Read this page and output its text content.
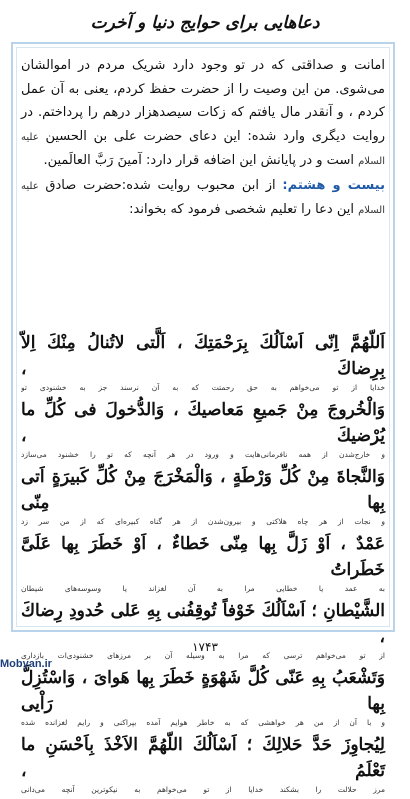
دعاهایی برای حوایج دنیا و آخرت

امانت و صداقتی که در تو وجود دارد شریک مردم در اموالشان می‌شوی. من این وصیت را از حضرت حفظ کردم، یعنی به آن عمل کردم ، و آنقدر مال یافتم که زکات سیصدهزار درهم را پرداختم. در روایت دیگری وارد شده: این دعای حضرت علی بن الحسین علیه السلام است و در پایانش این اضافه قرار دارد: آمینَ رَبَّ العالَمین.

بیست و هشتم: از ابن محبوب روایت شده:حضرت صادق علیه السلام این دعا را تعلیم شخصی فرمود که بخواند:

اَللّهُمَّ اِنّی اَسْاَلُكَ بِرَحْمَتِكَ ، اَلَّتی لاتُنالُ مِنْكَ اِلاّ بِرِضاكَ ،

خدایا از تو می‌خواهم به حق رحمتت که به آن نرسند جز به خشنودی تو

وَالْخُروجَ مِنْ جَمیعِ مَعاصیكَ ، وَالدُّخولَ فی كُلِّ ما یُرْضیكَ ،

و خارج‌شدن از همه نافرمانی‌هایت و ورود در هر آنچه که تو را خشنود می‌سازد

وَالنَّجاةَ مِنْ كُلِّ وَرْطَةٍ ، وَالْمَخْرَجَ مِنْ كُلِّ كَبیرَةٍ اَتی بِها مِنّی

و نجات از هر چاه هلاکتی و بیرون‌شدن از هر گناه کبیره‌ای که از من سر زد

عَمْدٌ ، اَوْ زَلَّ بِها مِنّی خَطاءٌ ، اَوْ خَطَرَ بِها عَلَیَّ خَطَراتُ

به عمد یا خطایی مرا به آن لغزاند یا وسوسه‌های شیطان

الشَّیْطانِ ؛ اَسْاَلُكَ خَوْفاً تُوقِفُنی بِهِ عَلی حُدودِ رِضاكَ ،

از تو می‌خواهم ترسی که مرا به وسیله آن بر مرزهای خشنودی‌ات بازداری

وَتَشْعَبُ بِهِ عَنّی كُلَّ شَهْوَةٍ خَطَرَ بِها هَوایَ ، وَاسْتُزِلَّ بِها رَاْیی

و با آن از من هر خواهشی که به خاطر هوایم آمده بپراکنی و رایم لغزانده شده

لِیُجاوِزَ حَدَّ حَلالِكَ ؛ اَسْاَلُكَ اللّهُمَّ الاَخْذَ بِاَحْسَنِ ما تَعْلَمُ ،

مرز حلالت را بشکند خدایا از تو می‌خواهم به نیکوترین آنچه می‌دانی

۱۷۴۳
Mobyan.ir
